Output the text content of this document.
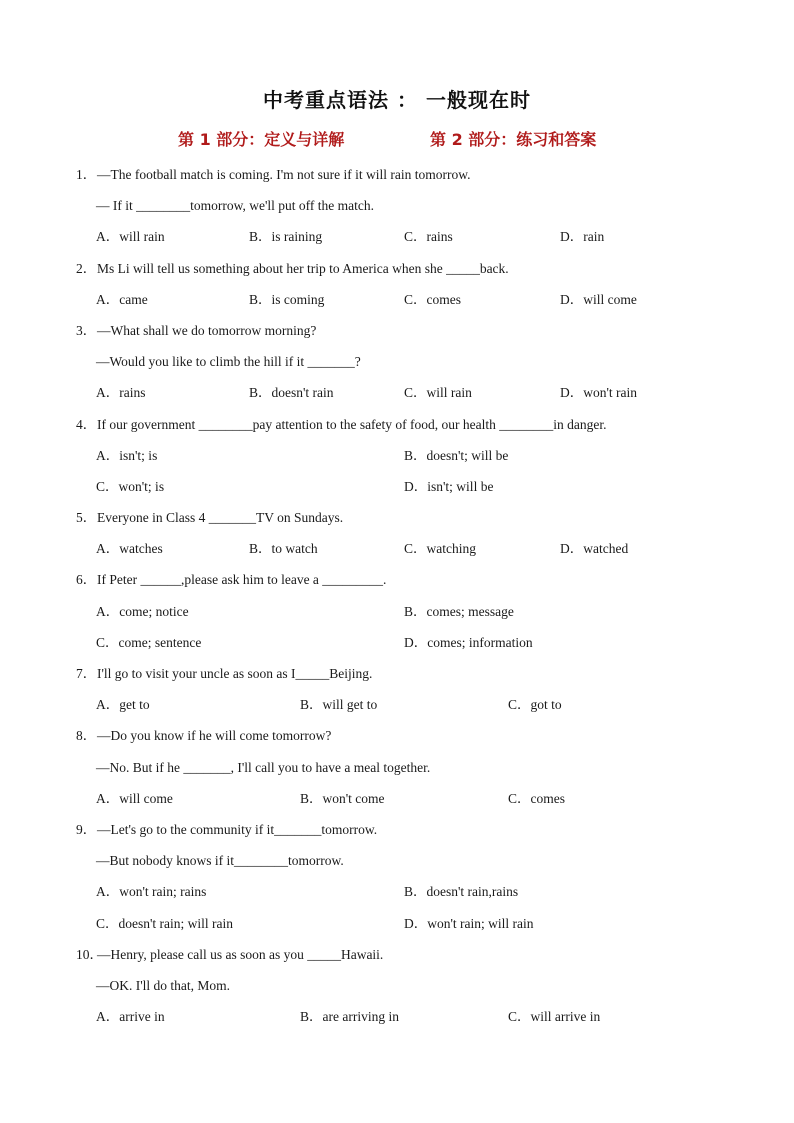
中考重点语法 ： 一般现在时
第 1 部分：定义与详解	第 2 部分：练习和答案
1． —The football match is coming. I'm not sure if it will rain tomorrow.
— If it ________tomorrow, we'll put off the match.
A．will rain	B．is raining	C．rains	D．rain
2． Ms Li will tell us something about her trip to America when she _____back.
A．came	B．is coming	C．comes	D．will come
3． —What shall we do tomorrow morning?
—Would you like to climb the hill if it _______?
A．rains	B．doesn't rain	C．will rain	D．won't rain
4． If our government ________pay attention to the safety of food, our health ________in danger.
A．isn't; is	B．doesn't; will be
C．won't; is	D．isn't; will be
5． Everyone in Class 4 _______TV on Sundays.
A．watches	B．to watch	C．watching	D．watched
6． If Peter ______,please ask him to leave a _________.
A．come; notice	B．comes; message
C．come; sentence	D．comes; information
7． I'll go to visit your uncle as soon as I_____Beijing.
A．get to	B．will get to	C．got to
8． —Do you know if he will come tomorrow?
—No. But if he _______, I'll call you to have a meal together.
A．will come	B．won't come	C．comes
9． —Let's go to the community if it_______tomorrow.
—But nobody knows if it________tomorrow.
A．won't rain; rains	B．doesn't rain,rains
C．doesn't rain; will rain	D．won't rain; will rain
10．
—Henry, please call us as soon as you _____Hawaii.
—OK. I'll do that, Mom.
A．arrive in	B．are arriving in	C．will arrive in
